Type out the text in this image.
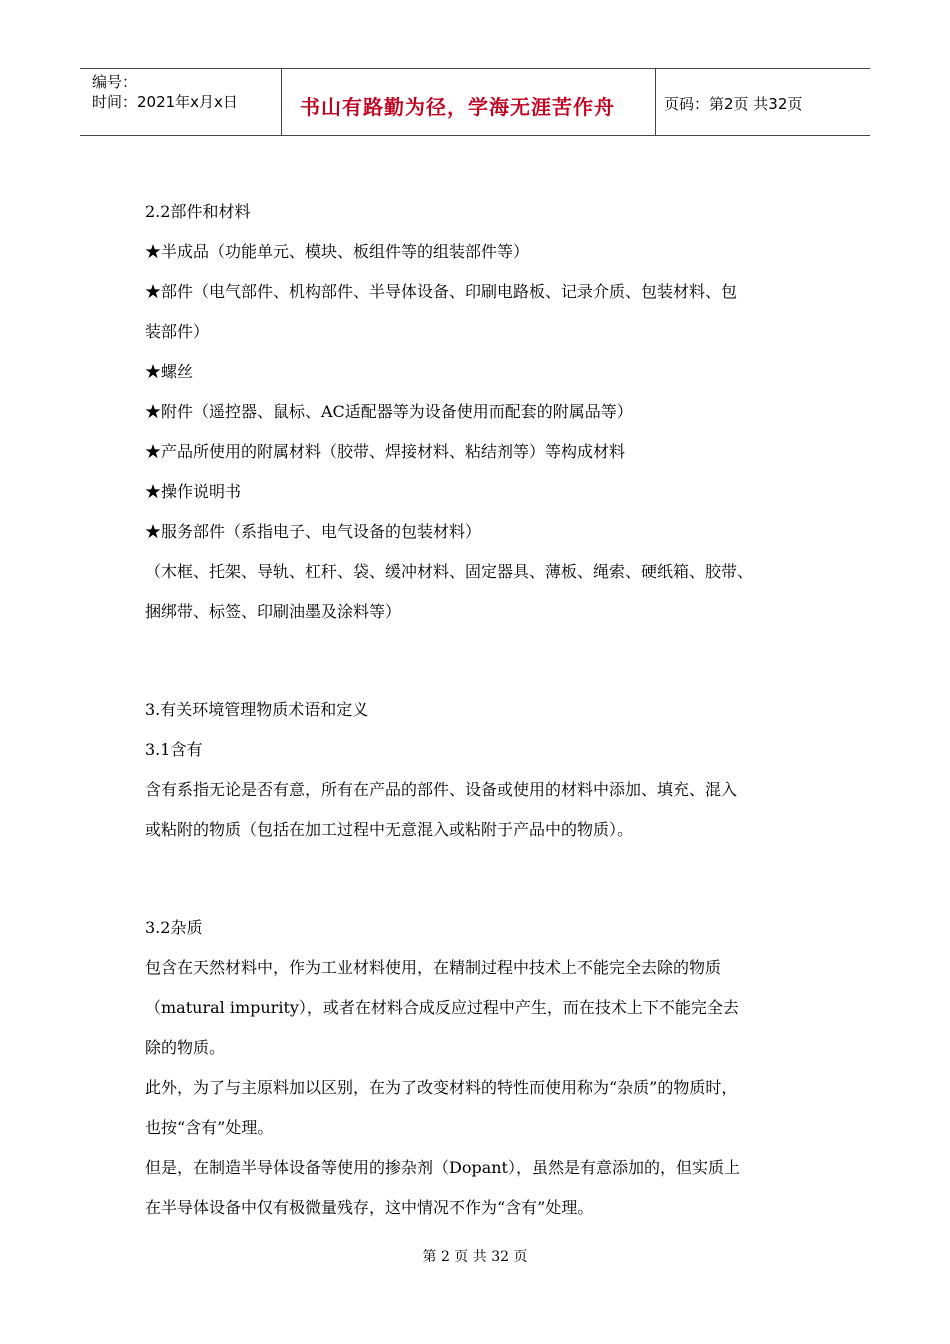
编号：
时间：2021年x月x日	书山有路勤为径，学海无涯苦作舟	页码：第2页 共32页
2.2部件和材料
★半成品（功能单元、模块、板组件等的组装部件等）
★部件（电气部件、机构部件、半导体设备、印刷电路板、记录介质、包装材料、包
装部件）
★螺丝
★附件（遥控器、鼠标、AC适配器等为设备使用而配套的附属品等）
★产品所使用的附属材料（胶带、焊接材料、粘结剂等）等构成材料
★操作说明书
★服务部件（系指电子、电气设备的包装材料）
（木框、托架、导轨、杠秆、袋、缓冲材料、固定器具、薄板、绳索、硬纸箱、胶带、
捆绑带、标签、印刷油墨及涂料等）
3.有关环境管理物质术语和定义
3.1含有
含有系指无论是否有意，所有在产品的部件、设备或使用的材料中添加、填充、混入
或粘附的物质（包括在加工过程中无意混入或粘附于产品中的物质）。
3.2杂质
包含在天然材料中，作为工业材料使用，在精制过程中技术上不能完全去除的物质
（matural impurity），或者在材料合成反应过程中产生，而在技术上下不能完全去
除的物质。
此外，为了与主原料加以区别，在为了改变材料的特性而使用称为“杂质”的物质时，
也按“含有”处理。
但是，在制造半导体设备等使用的掺杂剂（Dopant），虽然是有意添加的，但实质上
在半导体设备中仅有极微量残存，这中情况不作为“含有”处理。
第 2 页 共 32 页
